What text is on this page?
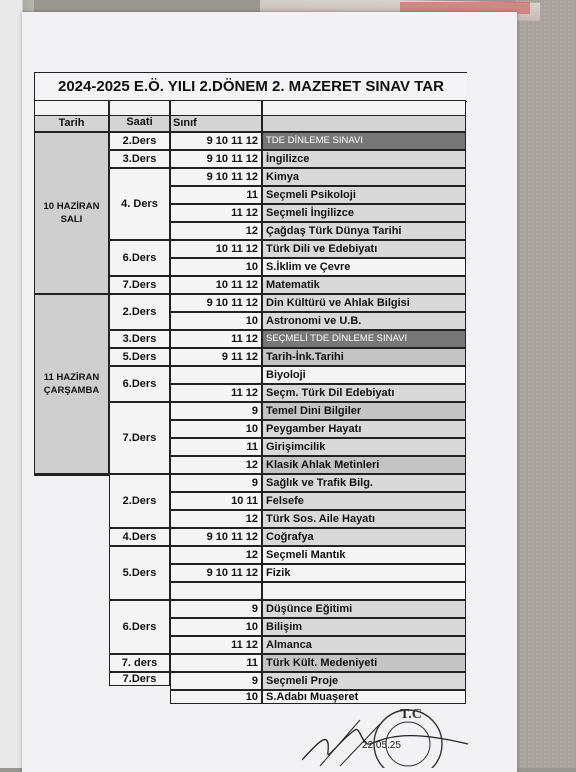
2024-2025 E.Ö. YILI 2.DÖNEM 2. MAZERET SINAV TAR
Tarih	Saati	Sınıf
10 HAZİRAN
SALI
11 HAZİRAN
ÇARŞAMBA
2.Ders
3.Ders
4. Ders
6.Ders
7.Ders
2.Ders
3.Ders
5.Ders
6.Ders
7.Ders
2.Ders
4.Ders
5.Ders
6.Ders
7. ders
7.Ders
9 10 11 12 TDE DİNLEME SINAVI
9 10 11 12 İngilizce
9 10 11 12 Kimya
11 Seçmeli Psikoloji
11 12 Seçmeli İngilizce
12 Çağdaş Türk Dünya Tarihi
10 11 12 Türk Dili ve Edebiyatı
10 S.İklim ve Çevre
10 11 12 Matematik
9 10 11 12 Din Kültürü ve Ahlak Bilgisi
10 Astronomi ve U.B.
11 12 SEÇMELİ TDE DİNLEME SINAVI
9 11 12 Tarih-İnk.Tarihi
Biyoloji
11 12 Seçm. Türk Dil Edebiyatı
9 Temel Dini Bilgiler
10 Peygamber Hayatı
11 Girişimcilik
12 Klasik Ahlak Metinleri
9 Sağlık ve Trafik Bilg.
10 11 Felsefe
12 Türk Sos. Aile Hayatı
9 10 11 12 Coğrafya
12 Seçmeli Mantık
9 10 11 12 Fizik
9 Düşünce Eğitimi
10 Bilişim
11 12 Almanca
11 Türk Kült. Medeniyeti
9 Seçmeli Proje
10 S.Adabı Muaşeret
22.05.25
T.C
